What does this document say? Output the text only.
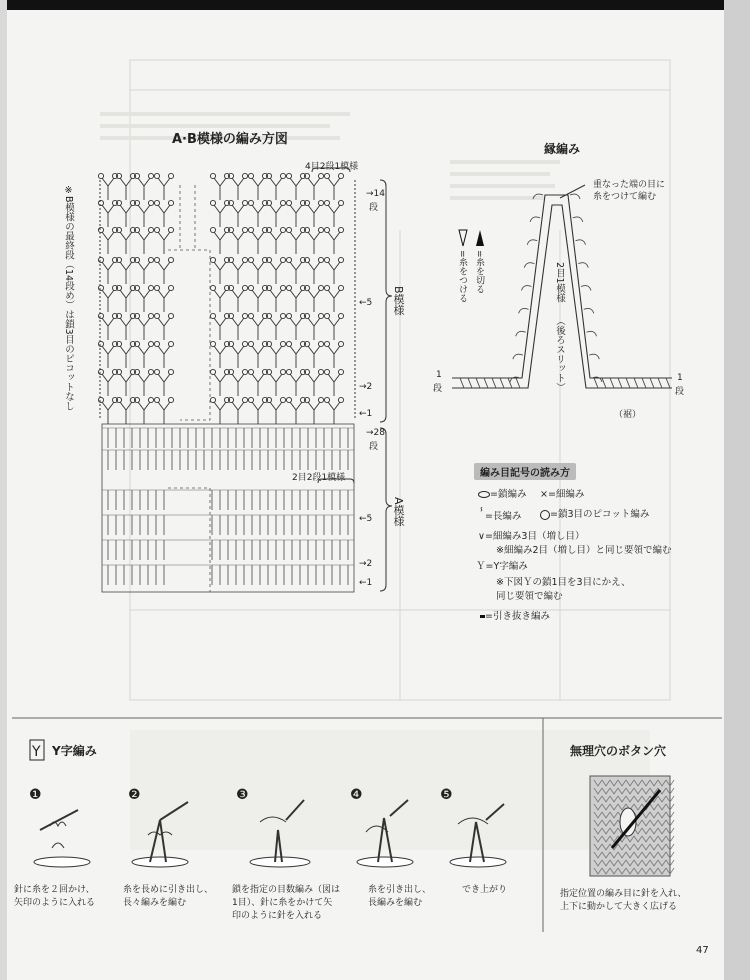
A·B模様の編み方図
※B模様の最終段（14段め）は鎖3目のピコットなし
4目2段1模様
2目2段1模様
→14
段
←5
→2
←1
B模様
→28
段
←5
→2
←1
A模様
縁編み
重なった端の目に
糸をつけて編む
=糸を切る
=糸をつける	2目1模様
（後ろスリット）
1
段
1
段
（裾）
編み目記号の読み方
=鎖編み ×=細編み
ⸯ=長編み	=鎖3目のピコット編み
∨=細編み3目（増し目）
※細編み2目（増し目）と同じ要領で編む
Ｙ=Y字編み
※下図Ｙの鎖1目を3目にかえ、
同じ要領で編む
=引き抜き編み
Y Y字編み	無理穴のボタン穴
❶	❷	❸	❹	❺
針に糸を２回かけ、
矢印のように入れる
糸を長めに引き出し、
長々編みを編む
鎖を指定の目数編み（図は
1目）、針に糸をかけて矢
印のように針を入れる
糸を引き出し、
長編みを編む
でき上がり	指定位置の編み目に針を入れ、
上下に動かして大きく広げる
47
